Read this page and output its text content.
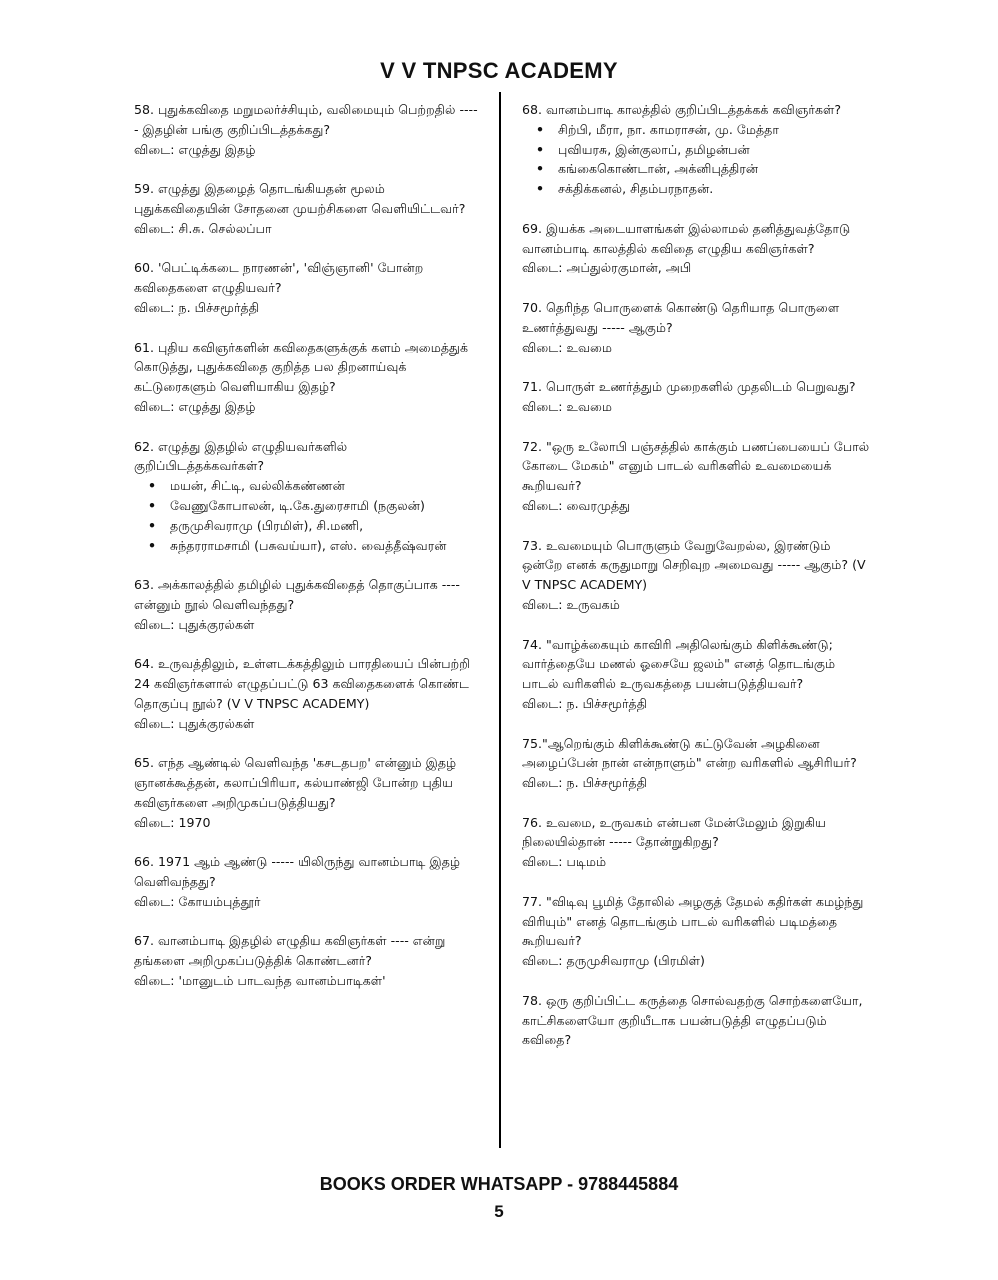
V V TNPSC ACADEMY

58. புதுக்கவிதை மறுமலர்ச்சியும், வலிமையும் பெற்றதில் ----- இதழின் பங்கு குறிப்பிடத்தக்கது?

விடை: எழுத்து இதழ்

59. எழுத்து இதழைத் தொடங்கியதன் மூலம் புதுக்கவிதையின் சோதனை முயற்சிகளை வெளியிட்டவர்?

விடை: சி.சு. செல்லப்பா

60. 'பெட்டிக்கடை நாரணன்', 'விஞ்ஞானி' போன்ற கவிதைகளை எழுதியவர்?

விடை: ந. பிச்சமூர்த்தி

61. புதிய கவிஞர்களின் கவிதைகளுக்குக் களம் அமைத்துக் கொடுத்து, புதுக்கவிதை குறித்த பல திறனாய்வுக் கட்டுரைகளும் வெளியாகிய இதழ்?

விடை: எழுத்து இதழ்

62. எழுத்து இதழில் எழுதியவர்களில் குறிப்பிடத்தக்கவர்கள்?

• மயன், சிட்டி, வல்லிக்கண்ணன்
• வேணுகோபாலன், டி.கே.துரைசாமி (நகுலன்)
• தருமுசிவராமு (பிரமிள்), சி.மணி,
• சுந்தரராமசாமி (பசுவய்யா), எஸ். வைத்தீஷ்வரன்

63. அக்காலத்தில் தமிழில் புதுக்கவிதைத் தொகுப்பாக ---- என்னும் நூல் வெளிவந்தது?

விடை: புதுக்குரல்கள்

64. உருவத்திலும், உள்ளடக்கத்திலும் பாரதியைப் பின்பற்றி 24 கவிஞர்களால் எழுதப்பட்டு 63 கவிதைகளைக் கொண்ட தொகுப்பு நூல்? (V V TNPSC ACADEMY)

விடை: புதுக்குரல்கள்

65. எந்த ஆண்டில் வெளிவந்த 'கசடதபற' என்னும் இதழ் ஞானக்கூத்தன், கலாப்பிரியா, கல்யாண்ஜி போன்ற புதிய கவிஞர்களை அறிமுகப்படுத்தியது?

விடை: 1970

66. 1971 ஆம் ஆண்டு ----- யிலிருந்து வானம்பாடி இதழ் வெளிவந்தது?

விடை: கோயம்புத்தூர்

67. வானம்பாடி இதழில் எழுதிய கவிஞர்கள் ---- என்று தங்களை அறிமுகப்படுத்திக் கொண்டனர்?

விடை: 'மானுடம் பாடவந்த வானம்பாடிகள்'

68. வானம்பாடி காலத்தில் குறிப்பிடத்தக்கக் கவிஞர்கள்?

• சிற்பி, மீரா, நா. காமராசன், மு. மேத்தா
• புவியரசு, இன்குலாப், தமிழன்பன்
• கங்கைகொண்டான், அக்னிபுத்திரன்
• சக்திக்கனல், சிதம்பரநாதன்.

69. இயக்க அடையாளங்கள் இல்லாமல் தனித்துவத்தோடு வானம்பாடி காலத்தில் கவிதை எழுதிய கவிஞர்கள்?

விடை: அப்துல்ரகுமான், அபி

70. தெரிந்த பொருளைக் கொண்டு தெரியாத பொருளை உணர்த்துவது ----- ஆகும்?

விடை: உவமை

71. பொருள் உணர்த்தும் முறைகளில் முதலிடம் பெறுவது?

விடை: உவமை

72. "ஒரு உலோபி பஞ்சத்தில் காக்கும் பணப்பையைப் போல் கோடை மேகம்" எனும் பாடல் வரிகளில் உவமையைக் கூறியவர்?

விடை: வைரமுத்து

73. உவமையும் பொருளும் வேறுவேறல்ல, இரண்டும் ஒன்றே எனக் கருதுமாறு செறிவுற அமைவது ----- ஆகும்? (V V TNPSC ACADEMY)

விடை: உருவகம்

74. "வாழ்க்கையும் காவிரி அதிலெங்கும் கிளிக்கூண்டு; வார்த்தையே மணல் ஓசையே ஜலம்" எனத் தொடங்கும் பாடல் வரிகளில் உருவகத்தை பயன்படுத்தியவர்?

விடை: ந. பிச்சமூர்த்தி

75."ஆறெங்கும் கிளிக்கூண்டு கட்டுவேன் அழகினை அழைப்பேன் நான் என்நாளும்" என்ற வரிகளில் ஆசிரியர்?

விடை: ந. பிச்சமூர்த்தி

76. உவமை, உருவகம் என்பன மேன்மேலும் இறுகிய நிலையில்தான் ----- தோன்றுகிறது?

விடை: படிமம்

77. "விடிவு பூமித் தோலில் அழகுத் தேமல் கதிர்கள் கமழ்ந்து விரியும்" எனத் தொடங்கும் பாடல் வரிகளில் படிமத்தை கூறியவர்?

விடை: தருமுசிவராமு (பிரமிள்)

78. ஒரு குறிப்பிட்ட கருத்தை சொல்வதற்கு சொற்களையோ, காட்சிகளையோ குறியீடாக பயன்படுத்தி எழுதப்படும் கவிதை?

BOOKS ORDER WHATSAPP - 9788445884
5
